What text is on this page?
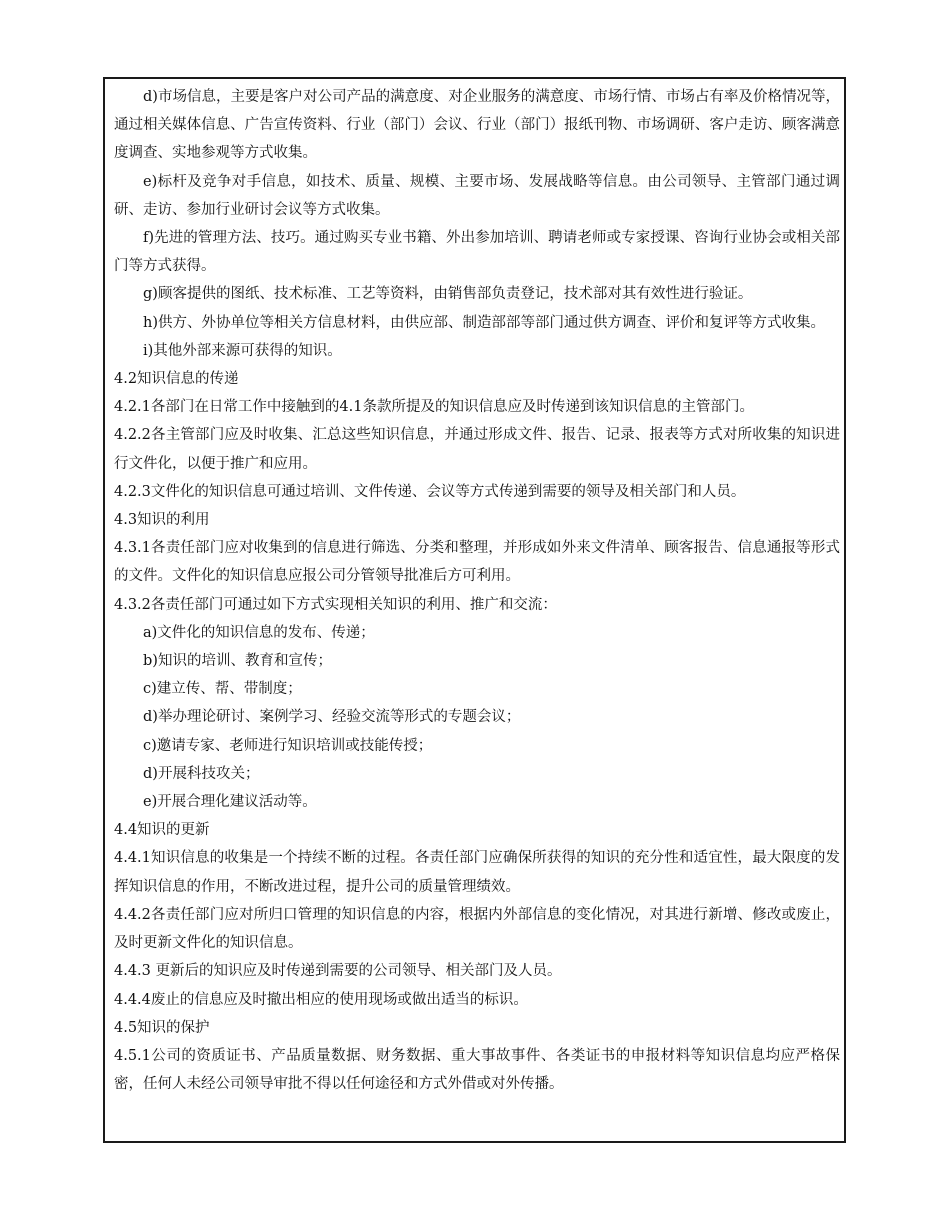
d)市场信息，主要是客户对公司产品的满意度、对企业服务的满意度、市场行情、市场占有率及价格情况等，通过相关媒体信息、广告宣传资料、行业（部门）会议、行业（部门）报纸刊物、市场调研、客户走访、顾客满意度调查、实地参观等方式收集。

e)标杆及竞争对手信息，如技术、质量、规模、主要市场、发展战略等信息。由公司领导、主管部门通过调研、走访、参加行业研讨会议等方式收集。

f)先进的管理方法、技巧。通过购买专业书籍、外出参加培训、聘请老师或专家授课、咨询行业协会或相关部门等方式获得。

g)顾客提供的图纸、技术标准、工艺等资料，由销售部负责登记，技术部对其有效性进行验证。

h)供方、外协单位等相关方信息材料，由供应部、制造部部等部门通过供方调查、评价和复评等方式收集。

i)其他外部来源可获得的知识。

4.2知识信息的传递

4.2.1各部门在日常工作中接触到的4.1条款所提及的知识信息应及时传递到该知识信息的主管部门。

4.2.2各主管部门应及时收集、汇总这些知识信息，并通过形成文件、报告、记录、报表等方式对所收集的知识进行文件化，以便于推广和应用。

4.2.3文件化的知识信息可通过培训、文件传递、会议等方式传递到需要的领导及相关部门和人员。

4.3知识的利用

4.3.1各责任部门应对收集到的信息进行筛选、分类和整理，并形成如外来文件清单、顾客报告、信息通报等形式的文件。文件化的知识信息应报公司分管领导批准后方可利用。

4.3.2各责任部门可通过如下方式实现相关知识的利用、推广和交流：

a)文件化的知识信息的发布、传递；

b)知识的培训、教育和宣传；

c)建立传、帮、带制度；

d)举办理论研讨、案例学习、经验交流等形式的专题会议；

c)邀请专家、老师进行知识培训或技能传授；

d)开展科技攻关；

e)开展合理化建议活动等。

4.4知识的更新

4.4.1知识信息的收集是一个持续不断的过程。各责任部门应确保所获得的知识的充分性和适宜性，最大限度的发挥知识信息的作用，不断改进过程，提升公司的质量管理绩效。

4.4.2各责任部门应对所归口管理的知识信息的内容，根据内外部信息的变化情况，对其进行新增、修改或废止，及时更新文件化的知识信息。

4.4.3 更新后的知识应及时传递到需要的公司领导、相关部门及人员。

4.4.4废止的信息应及时撤出相应的使用现场或做出适当的标识。

4.5知识的保护

4.5.1公司的资质证书、产品质量数据、财务数据、重大事故事件、各类证书的申报材料等知识信息均应严格保密，任何人未经公司领导审批不得以任何途径和方式外借或对外传播。
